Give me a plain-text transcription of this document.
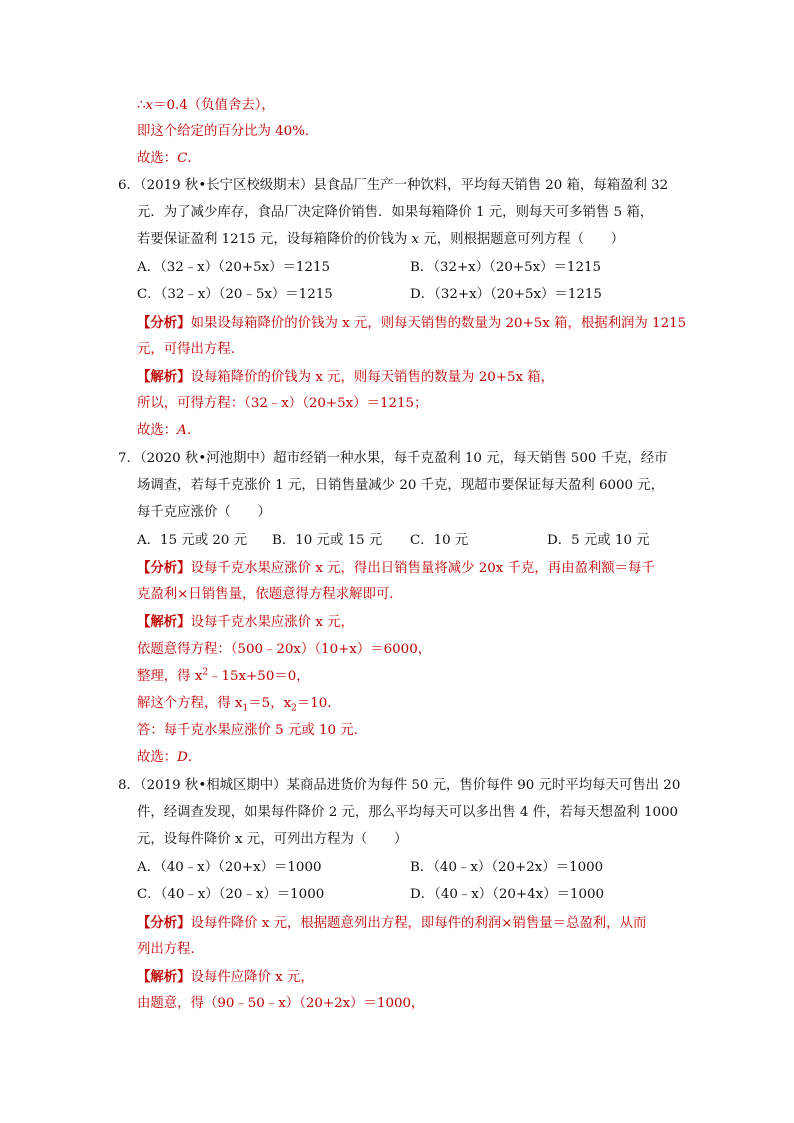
∴x＝0.4（负值舍去），
即这个给定的百分比为 40%．
故选：C．
6．（2019 秋•长宁区校级期末）县食品厂生产一种饮料，平均每天销售 20 箱，每箱盈利 32
元．为了减少库存，食品厂决定降价销售．如果每箱降价 1 元，则每天可多销售 5 箱，
若要保证盈利 1215 元，设每箱降价的价钱为 x 元，则根据题意可列方程（　　）
A．（32﹣x）（20+5x）＝1215	B．（32+x）（20+5x）＝1215
C．（32﹣x）（20﹣5x）＝1215	D．（32+x）（20+5x）＝1215
【分析】如果设每箱降价的价钱为 x 元，则每天销售的数量为 20+5x 箱，根据利润为 1215
元，可得出方程．
【解析】设每箱降价的价钱为 x 元，则每天销售的数量为 20+5x 箱，
所以，可得方程：（32﹣x）（20+5x）＝1215；
故选：A．
7．（2020 秋•河池期中）超市经销一种水果，每千克盈利 10 元，每天销售 500 千克，经市
场调查，若每千克涨价 1 元，日销售量减少 20 千克，现超市要保证每天盈利 6000 元，
每千克应涨价（　　）
A．15 元或 20 元 B．10 元或 15 元 C．10 元	D．5 元或 10 元
【分析】设每千克水果应涨价 x 元，得出日销售量将减少 20x 千克，再由盈利额＝每千
克盈利×日销售量，依题意得方程求解即可．
【解析】设每千克水果应涨价 x 元，
依题意得方程：（500﹣20x）（10+x）＝6000，
整理，得 $x^2﹣15x+50=0$，
解这个方程，得 $x_1=5$，$x_2=10$．
答：每千克水果应涨价 5 元或 10 元．
故选：D．
8．（2019 秋•相城区期中）某商品进货价为每件 50 元，售价每件 90 元时平均每天可售出 20
件，经调查发现，如果每件降价 2 元，那么平均每天可以多出售 4 件，若每天想盈利 1000
元，设每件降价 x 元，可列出方程为（　　）
A．（40﹣x）（20+x）＝1000	B．（40﹣x）（20+2x）＝1000
C．（40﹣x）（20﹣x）＝1000	D．（40﹣x）（20+4x）＝1000
【分析】设每件降价 x 元，根据题意列出方程，即每件的利润×销售量＝总盈利，从而
列出方程．
【解析】设每件应降价 x 元，
由题意，得（90﹣50﹣x）（20+2x）＝1000，
